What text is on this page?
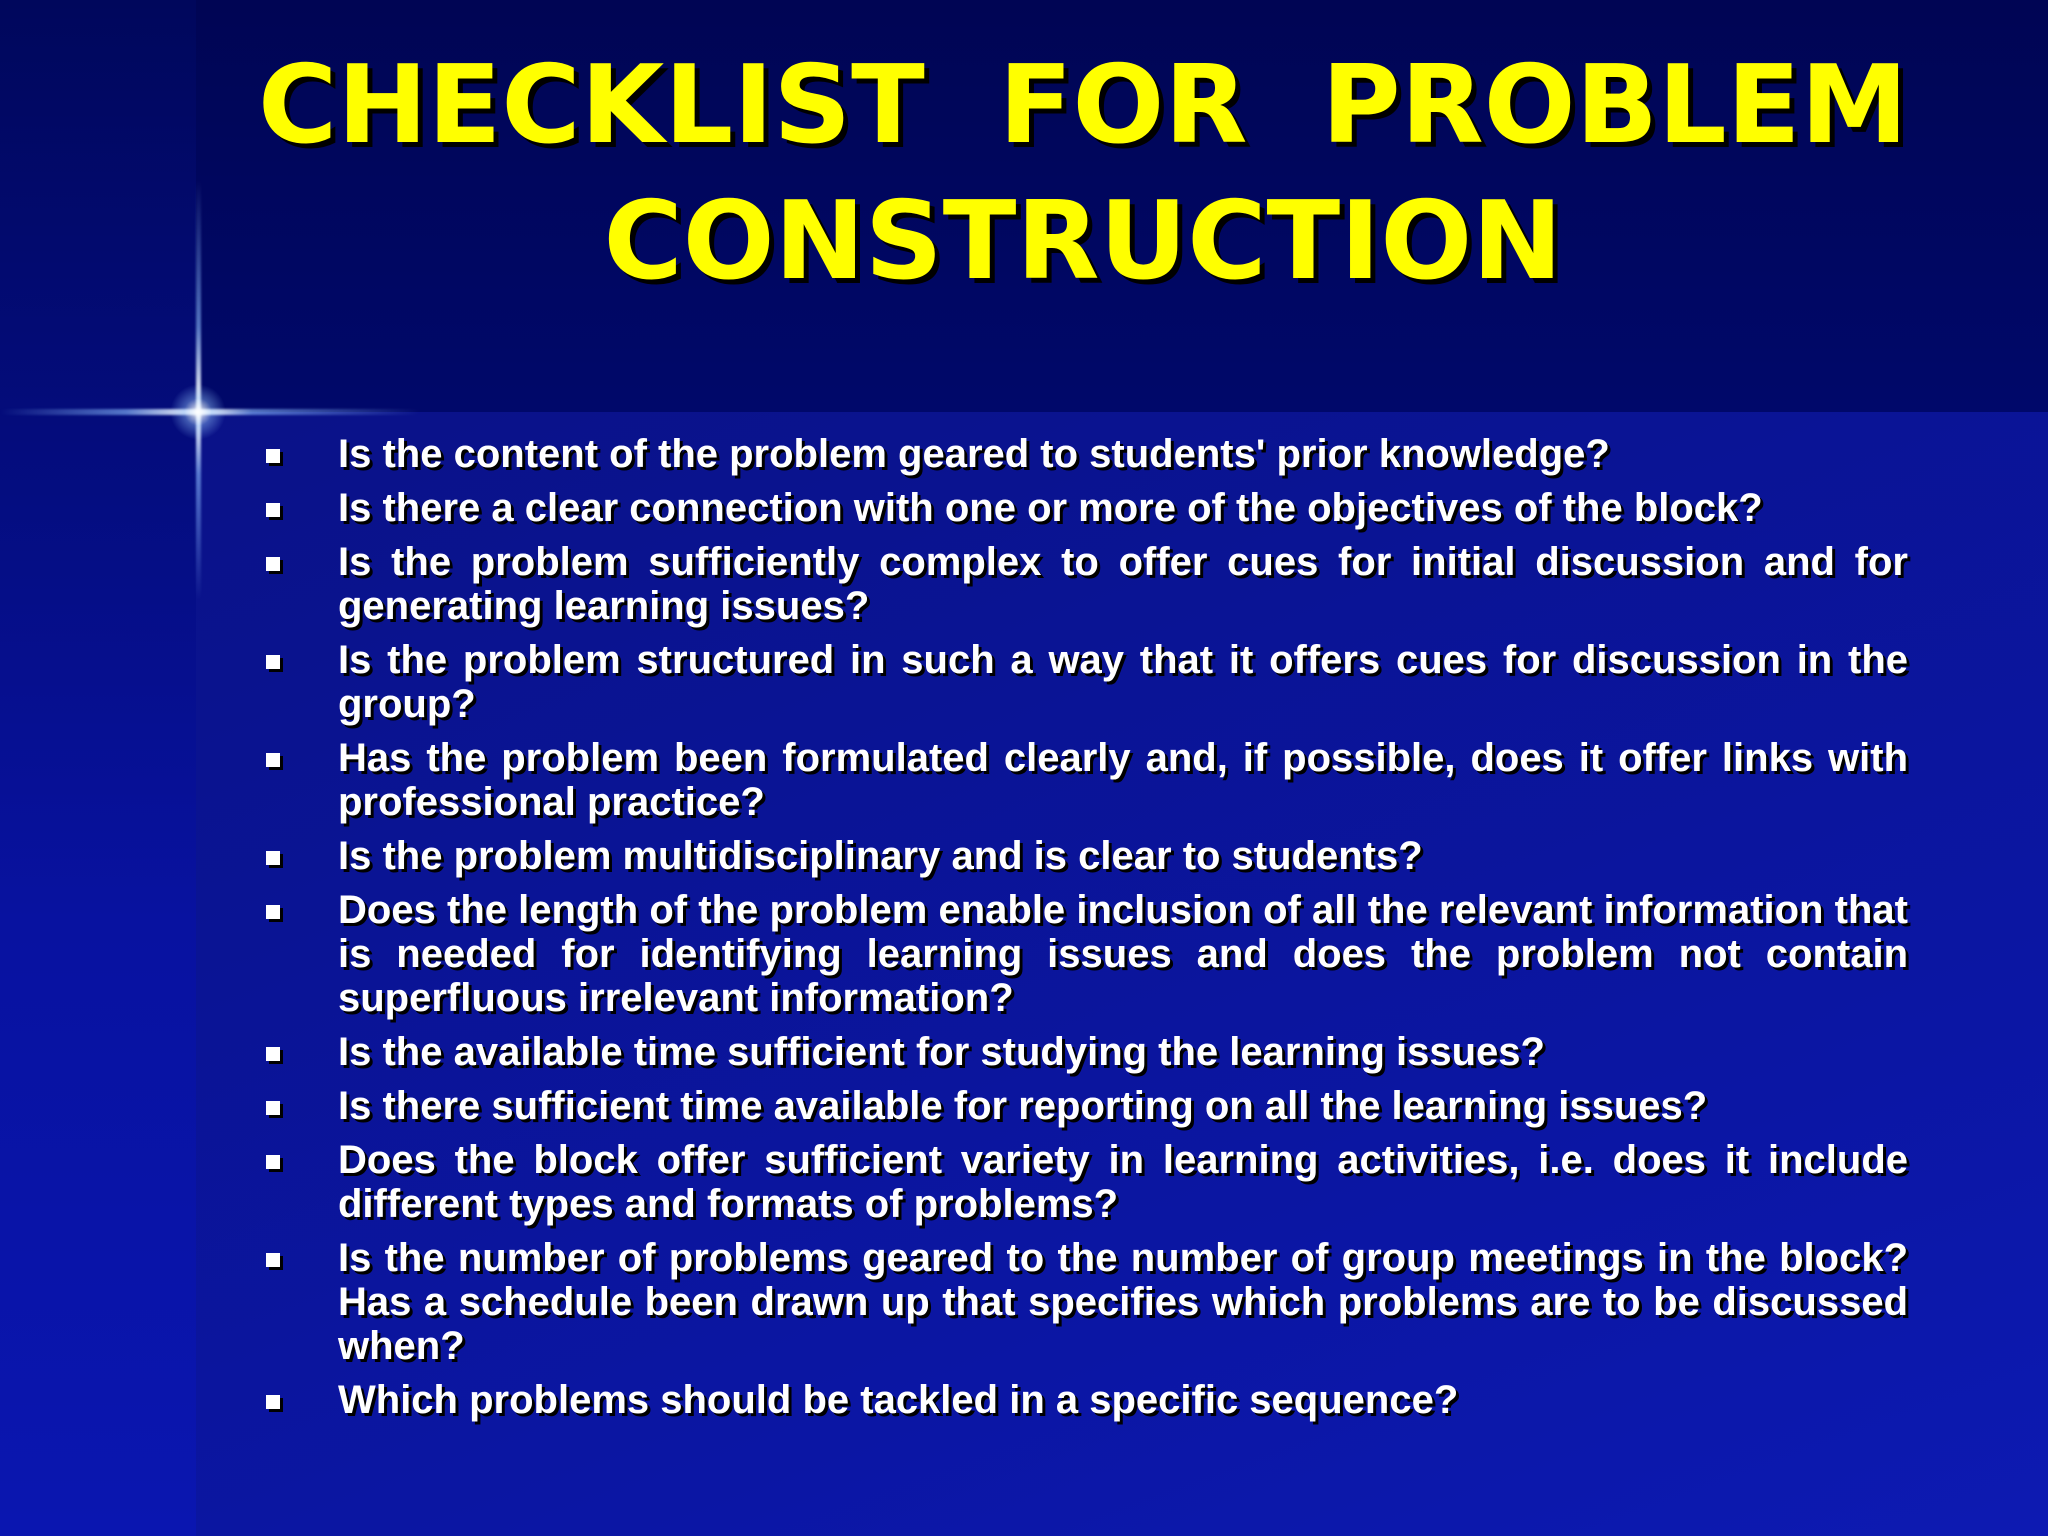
CHECKLIST FOR PROBLEM
CONSTRUCTION
Is the content of the problem geared to students' prior knowledge?
Is there a clear connection with one or more of the objectives of the block?
Is the problem sufficiently complex to offer cues for initial discussion and for generating learning issues?
Is the problem structured in such a way that it offers cues for discussion in the group?
Has the problem been formulated clearly and, if possible, does it offer links with professional practice?
Is the problem multidisciplinary and is clear to students?
Does the length of the problem enable inclusion of all the relevant information that is needed for identifying learning issues and does the problem not contain superfluous irrelevant information?
Is the available time sufficient for studying the learning issues?
Is there sufficient time available for reporting on all the learning issues?
Does the block offer sufficient variety in learning activities, i.e. does it include different types and formats of problems?
Is the number of problems geared to the number of group meetings in the block? Has a schedule been drawn up that specifies which problems are to be discussed when?
Which problems should be tackled in a specific sequence?
